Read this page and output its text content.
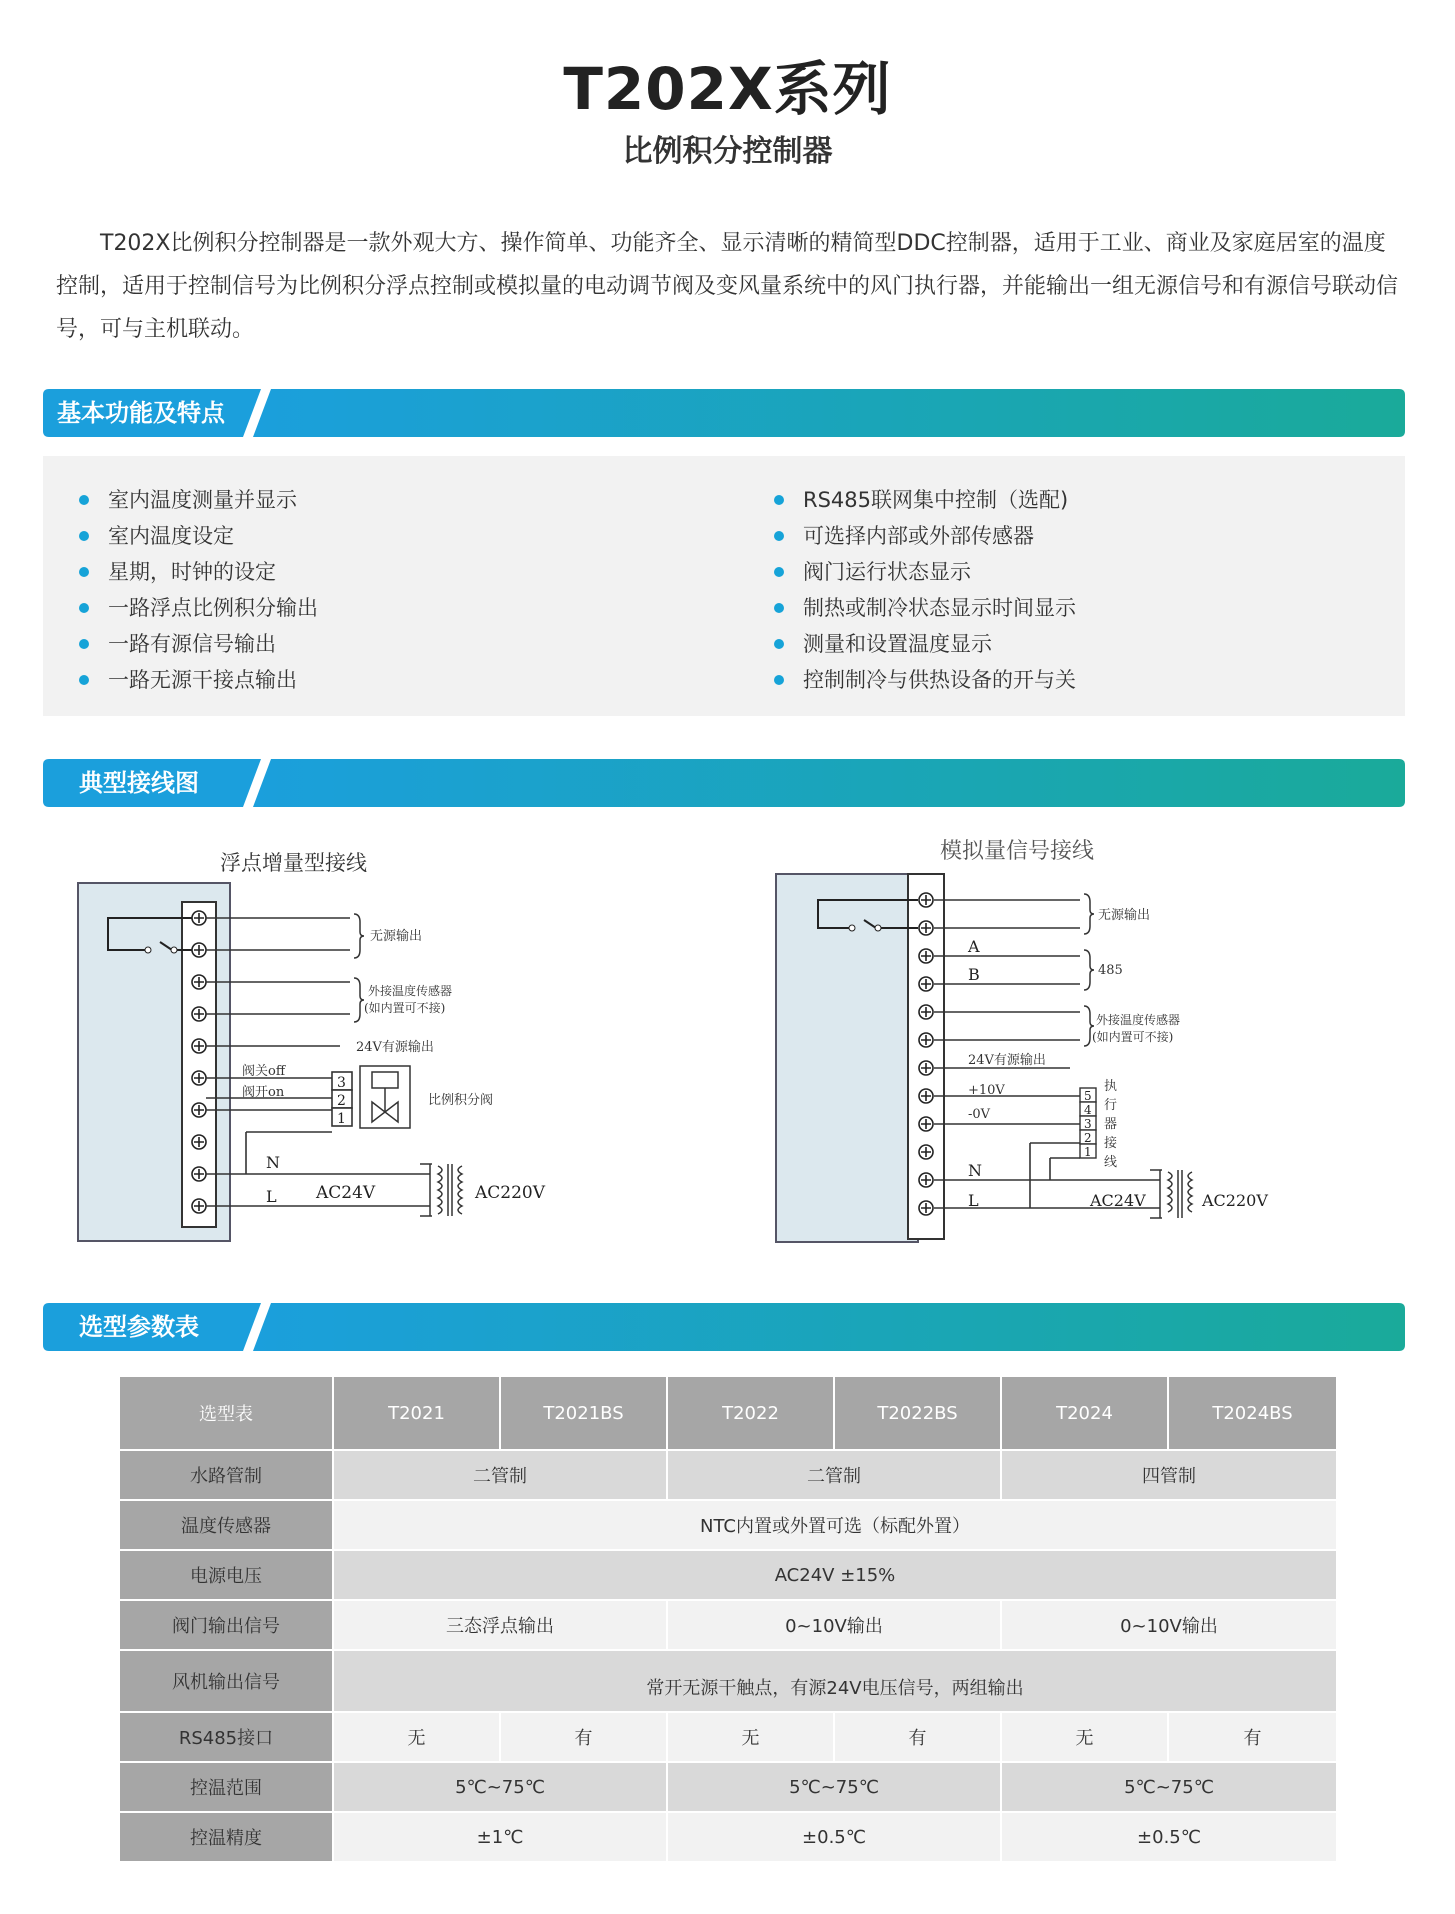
T202X系列
比例积分控制器

T202X比例积分控制器是一款外观大方、操作简单、功能齐全、显示清晰的精简型DDC控制器，适用于工业、商业及家庭居室的温度控制，适用于控制信号为比例积分浮点控制或模拟量的电动调节阀及变风量系统中的风门执行器，并能输出一组无源信号和有源信号联动信号，可与主机联动。

基本功能及特点
室内温度测量并显示
室内温度设定
星期，时钟的设定
一路浮点比例积分输出
一路有源信号输出
一路无源干接点输出
RS485联网集中控制（选配)
可选择内部或外部传感器
阀门运行状态显示
制热或制冷状态显示时间显示
测量和设置温度显示
控制制冷与供热设备的开与关
典型接线图
浮点增量型接线
无源输出
外接温度传感器
(如内置可不接)
24V有源输出
阀关off
阀开on
3
2
1
比例积分阀
N
L AC24V	AC220V
模拟量信号接线
无源输出
A
B	485
外接温度传感器
(如内置可不接)
24V有源输出
+10V
-0V
5
4
3
2
1
执
行
器
接
线
N
L	AC24V	AC220V
选型参数表
选型表	T2021	T2021BS	T2022	T2022BS	T2024	T2024BS
水路管制	二管制		二管制		四管制	
温度传感器	NTC内置或外置可选（标配外置）					
电源电压	AC24V ±15%					
阀门输出信号	三态浮点输出		0~10V输出		0~10V输出	
风机输出信号	常开无源干触点，有源24V电压信号，两组输出					
RS485接口	无	有	无	有	无	有
控温范围	5℃~75℃		5℃~75℃		5℃~75℃	
控温精度	±1℃		±0.5℃		±0.5℃	
